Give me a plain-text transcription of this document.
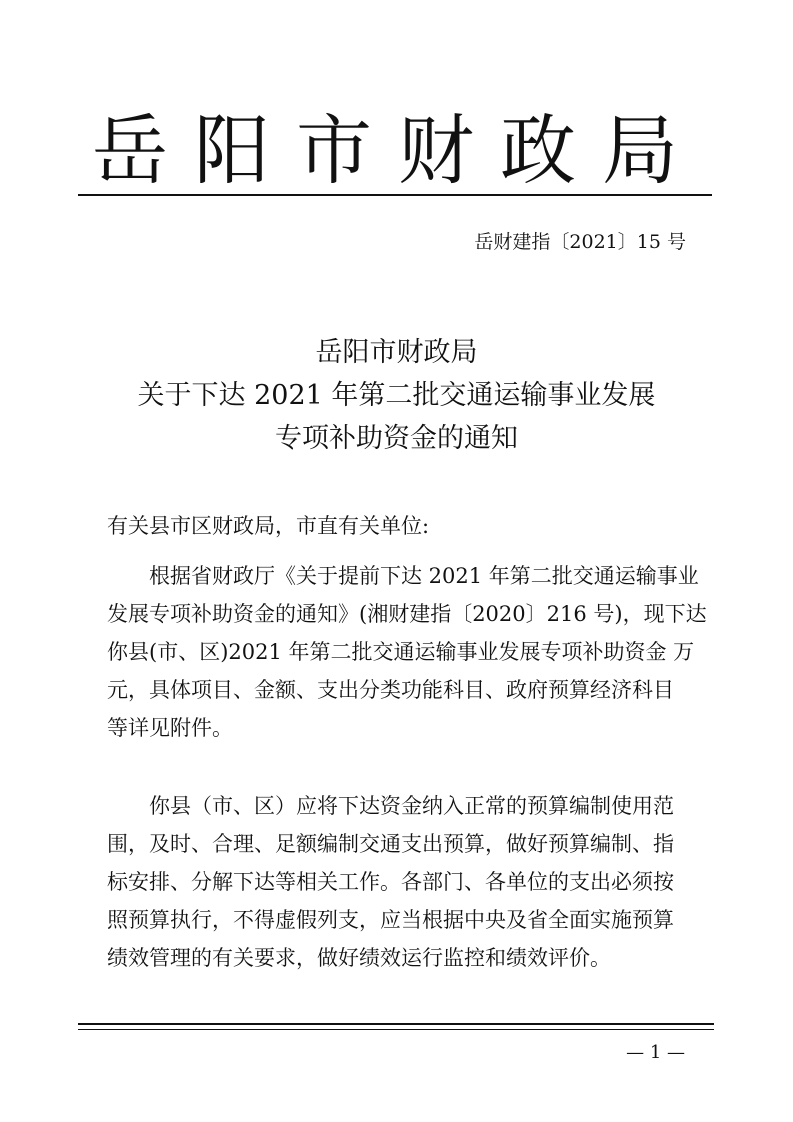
岳阳市财政局
岳财建指〔2021〕15 号
岳阳市财政局
关于下达 2021 年第二批交通运输事业发展
专项补助资金的通知
有关县市区财政局，市直有关单位:
根据省财政厅《关于提前下达 2021 年第二批交通运输事业
发展专项补助资金的通知》(湘财建指〔2020〕216 号)，现下达
你县(市、区)2021 年第二批交通运输事业发展专项补助资金 万
元，具体项目、金额、支出分类功能科目、政府预算经济科目
等详见附件。
你县（市、区）应将下达资金纳入正常的预算编制使用范
围，及时、合理、足额编制交通支出预算，做好预算编制、指
标安排、分解下达等相关工作。各部门、各单位的支出必须按
照预算执行，不得虚假列支，应当根据中央及省全面实施预算
绩效管理的有关要求，做好绩效运行监控和绩效评价。
— 1 —
